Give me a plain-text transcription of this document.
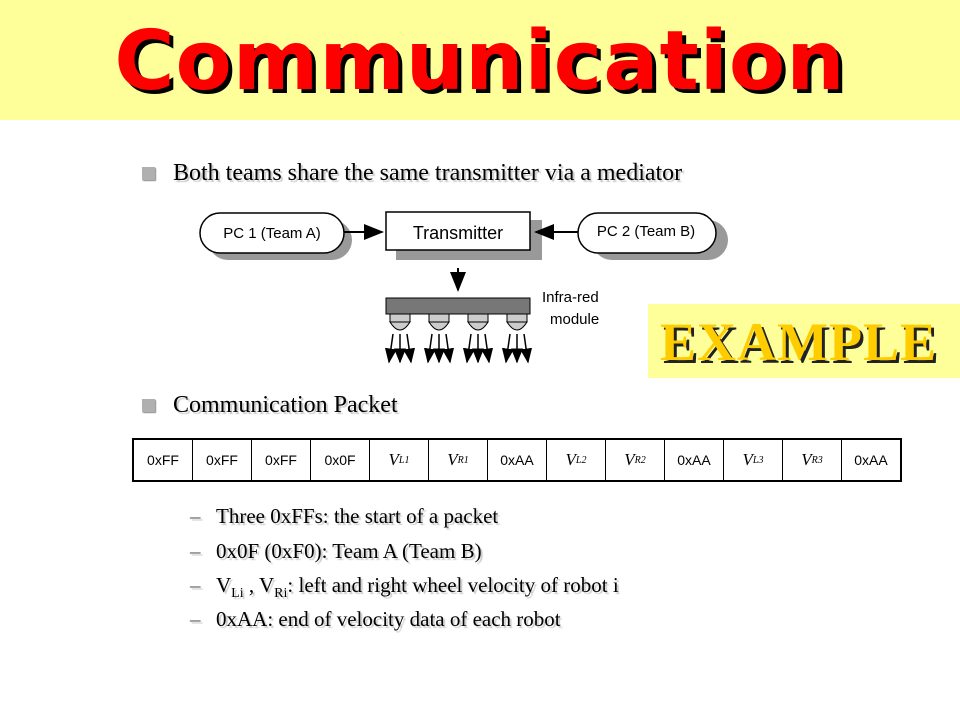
Communication
Both teams share the same transmitter via a mediator
PC 1 (Team A)	Transmitter	PC 2 (Team B)
Infra-red
module EXAMPLE
Communication Packet
0xFF 0xFF 0xFF 0x0F V L1 V R1 0xAA V L2 V R2 0xAA V L3 V R3 0xAA
– Three 0xFFs: the start of a packet
– 0x0F (0xF0): Team A (Team B)
– $V_{Li}$ , $V_{Ri}$: left and right wheel velocity of robot i
– 0xAA: end of velocity data of each robot
